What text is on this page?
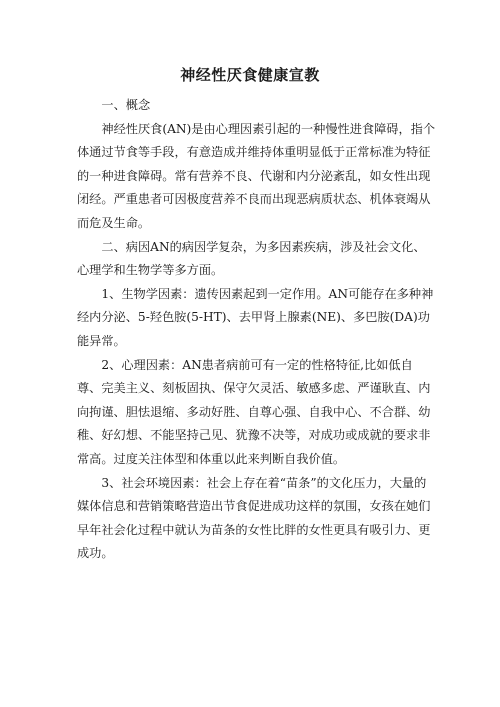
神经性厌食健康宣教

一、概念

神经性厌食(AN)是由心理因素引起的一种慢性进食障碍，指个体通过节食等手段，有意造成并维持体重明显低于正常标准为特征的一种进食障碍。常有营养不良、代谢和内分泌紊乱，如女性出现闭经。严重患者可因极度营养不良而出现恶病质状态、机体衰竭从而危及生命。

二、病因AN的病因学复杂，为多因素疾病，涉及社会文化、心理学和生物学等多方面。

1、生物学因素：遗传因素起到一定作用。AN可能存在多种神经内分泌、5-羟色胺(5-HT)、去甲肾上腺素(NE)、多巴胺(DA)功能异常。

2、心理因素：AN患者病前可有一定的性格特征,比如低自尊、完美主义、刻板固执、保守欠灵活、敏感多虑、严谨耿直、内向拘谨、胆怯退缩、多动好胜、自尊心强、自我中心、不合群、幼稚、好幻想、不能坚持己见、犹豫不决等，对成功或成就的要求非常高。过度关注体型和体重以此来判断自我价值。

3、社会环境因素：社会上存在着“苗条”的文化压力，大量的媒体信息和营销策略营造出节食促进成功这样的氛围，女孩在她们早年社会化过程中就认为苗条的女性比胖的女性更具有吸引力、更成功。
